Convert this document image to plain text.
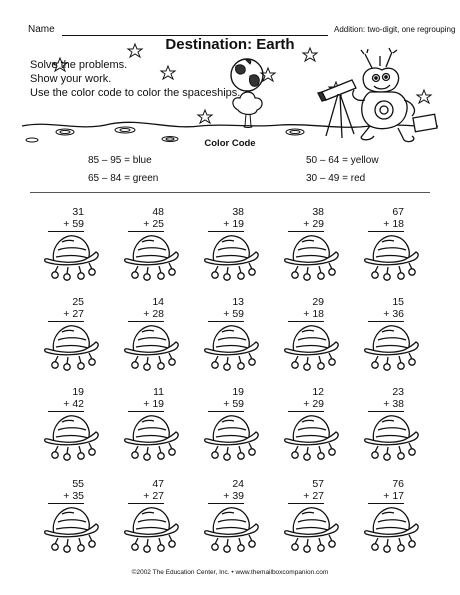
Name	Addition: two-digit, one regrouping
Destination: Earth
Solve the problems.
Show your work.
Use the color code to color the spaceships.
Color Code
85 – 95 = blue
65 – 84 = green
50 – 64 = yellow
30 – 49 = red
31
+ 59
48
+ 25
38
+ 19
38
+ 29
67
+ 18
25
+ 27
14
+ 28
13
+ 59
29
+ 18
15
+ 36
19
+ 42
11
+ 19
19
+ 59
12
+ 29
23
+ 38
55
+ 35
47
+ 27
24
+ 39
57
+ 27
76
+ 17
©2002 The Education Center, Inc. • www.themailboxcompanion.com
